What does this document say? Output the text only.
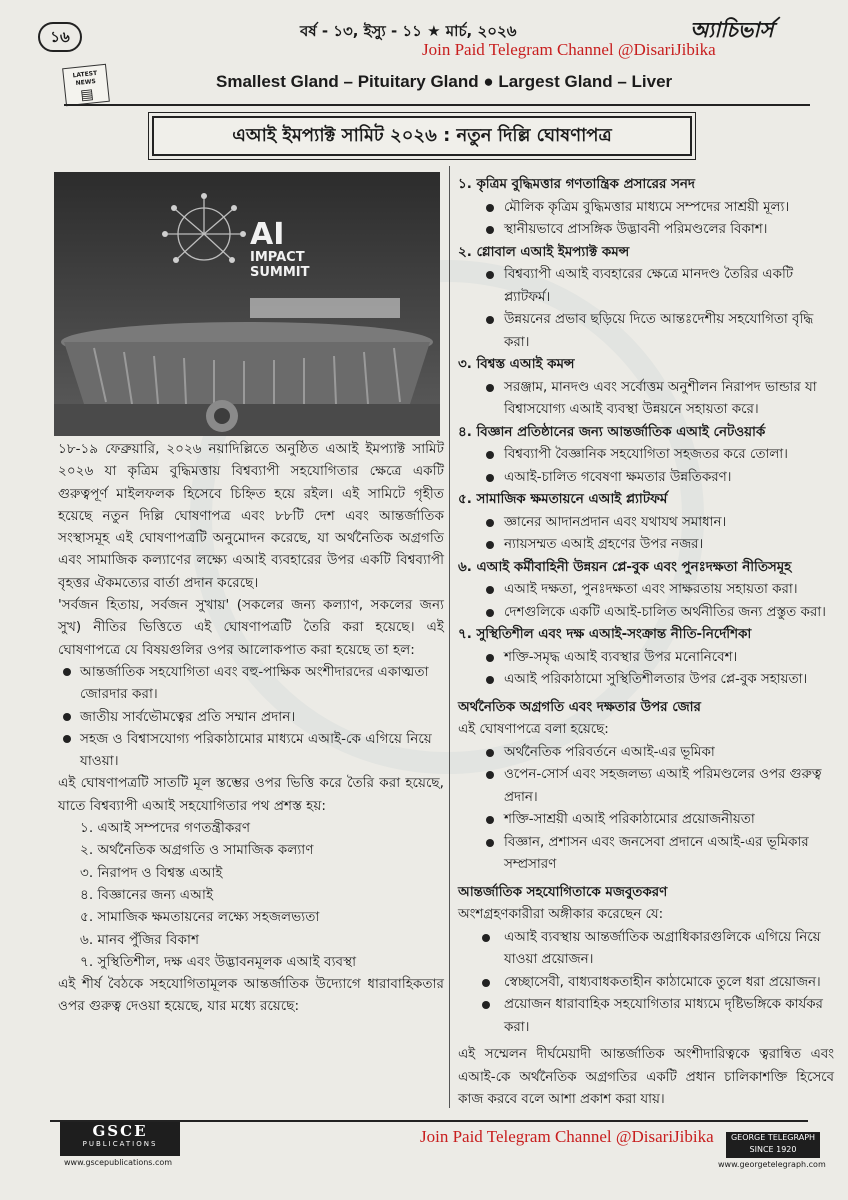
১৬	বর্ষ - ১৩, ইস্যু - ১১ ★ মার্চ, ২০২৬	অ্যাচিভার্স
Join Paid Telegram Channel @DisariJibika
LATEST NEWS
▤
Smallest Gland – Pituitary Gland ● Largest Gland – Liver
এআই ইমপ্যাক্ট সামিট ২০২৬ : নতুন দিল্লি ঘোষণাপত্র
AI
IMPACT
SUMMIT

১৮-১৯ ফেব্রুয়ারি, ২০২৬ নয়াদিল্লিতে অনুষ্ঠিত এআই ইমপ্যাক্ট সামিট ২০২৬ যা কৃত্রিম বুদ্ধিমত্তায় বিশ্বব্যাপী সহযোগিতার ক্ষেত্রে একটি গুরুত্বপূর্ণ মাইলফলক হিসেবে চিহ্নিত হয়ে রইল। এই সামিটে গৃহীত হয়েছে নতুন দিল্লি ঘোষণাপত্র এবং ৮৮টি দেশ এবং আন্তর্জাতিক সংস্থাসমূহ এই ঘোষণাপত্রটি অনুমোদন করেছে, যা অর্থনৈতিক অগ্রগতি এবং সামাজিক কল্যাণের লক্ষ্যে এআই ব্যবহারের উপর একটি বিশ্বব্যাপী বৃহত্তর ঐকমত্যের বার্তা প্রদান করেছে।

'সর্বজন হিতায়, সর্বজন সুখায়' (সকলের জন্য কল্যাণ, সকলের জন্য সুখ) নীতির ভিত্তিতে এই ঘোষণাপত্রটি তৈরি করা হয়েছে। এই ঘোষণাপত্রে যে বিষয়গুলির ওপর আলোকপাত করা হয়েছে তা হল:

আন্তর্জাতিক সহযোগিতা এবং বহু-পাক্ষিক অংশীদারদের একাত্মতা জোরদার করা।
জাতীয় সার্বভৌমত্বের প্রতি সম্মান প্রদান।
সহজ ও বিশ্বাসযোগ্য পরিকাঠামোর মাধ্যমে এআই-কে এগিয়ে নিয়ে যাওয়া।

এই ঘোষণাপত্রটি সাতটি মূল স্তম্ভের ওপর ভিত্তি করে তৈরি করা হয়েছে, যাতে বিশ্বব্যাপী এআই সহযোগিতার পথ প্রশস্ত হয়:

১. এআই সম্পদের গণতন্ত্রীকরণ
২. অর্থনৈতিক অগ্রগতি ও সামাজিক কল্যাণ
৩. নিরাপদ ও বিশ্বস্ত এআই
৪. বিজ্ঞানের জন্য এআই
৫. সামাজিক ক্ষমতায়নের লক্ষ্যে সহজলভ্যতা
৬. মানব পুঁজির বিকাশ
৭. সুস্থিতিশীল, দক্ষ এবং উদ্ভাবনমূলক এআই ব্যবস্থা

এই শীর্ষ বৈঠকে সহযোগিতামূলক আন্তর্জাতিক উদ্যোগে ধারাবাহিকতার ওপর গুরুত্ব দেওয়া হয়েছে, যার মধ্যে রয়েছে:

১. কৃত্রিম বুদ্ধিমত্তার গণতান্ত্রিক প্রসারের সনদ
মৌলিক কৃত্রিম বুদ্ধিমত্তার মাধ্যমে সম্পদের সাশ্রয়ী মূল্য।
স্থানীয়ভাবে প্রাসঙ্গিক উদ্ভাবনী পরিমণ্ডলের বিকাশ।
২. গ্লোবাল এআই ইমপ্যাক্ট কমন্স
বিশ্বব্যাপী এআই ব্যবহারের ক্ষেত্রে মানদণ্ড তৈরির একটি প্ল্যাটফর্ম।
উন্নয়নের প্রভাব ছড়িয়ে দিতে আন্তঃদেশীয় সহযোগিতা বৃদ্ধি করা।
৩. বিশ্বস্ত এআই কমন্স
সরঞ্জাম, মানদণ্ড এবং সর্বোত্তম অনুশীলন নিরাপদ ভান্ডার যা বিশ্বাসযোগ্য এআই ব্যবস্থা উন্নয়নে সহায়তা করে।
৪. বিজ্ঞান প্রতিষ্ঠানের জন্য আন্তর্জাতিক এআই নেটওয়ার্ক
বিশ্বব্যাপী বৈজ্ঞানিক সহযোগিতা সহজতর করে তোলা।
এআই-চালিত গবেষণা ক্ষমতার উন্নতিকরণ।
৫. সামাজিক ক্ষমতায়নে এআই প্ল্যাটফর্ম
জ্ঞানের আদানপ্রদান এবং যথাযথ সমাধান।
ন্যায়সম্মত এআই গ্রহণের উপর নজর।
৬. এআই কর্মীবাহিনী উন্নয়ন প্লে-বুক এবং পুনঃদক্ষতা নীতিসমূহ
এআই দক্ষতা, পুনঃদক্ষতা এবং সাক্ষরতায় সহায়তা করা।
দেশগুলিকে একটি এআই-চালিত অর্থনীতির জন্য প্রস্তুত করা।
৭. সুস্থিতিশীল এবং দক্ষ এআই-সংক্রান্ত নীতি-নির্দেশিকা
শক্তি-সমৃদ্ধ এআই ব্যবস্থার উপর মনোনিবেশ।
এআই পরিকাঠামো সুস্থিতিশীলতার উপর প্লে-বুক সহায়তা।
অর্থনৈতিক অগ্রগতি এবং দক্ষতার উপর জোর
এই ঘোষণাপত্রে বলা হয়েছে:
অর্থনৈতিক পরিবর্তনে এআই-এর ভূমিকা
ওপেন-সোর্স এবং সহজলভ্য এআই পরিমণ্ডলের ওপর গুরুত্ব প্রদান।
শক্তি-সাশ্রয়ী এআই পরিকাঠামোর প্রয়োজনীয়তা
বিজ্ঞান, প্রশাসন এবং জনসেবা প্রদানে এআই-এর ভূমিকার সম্প্রসারণ
আন্তর্জাতিক সহযোগিতাকে মজবুতকরণ
অংশগ্রহণকারীরা অঙ্গীকার করেছেন যে:
এআই ব্যবস্থায় আন্তর্জাতিক অগ্রাধিকারগুলিকে এগিয়ে নিয়ে যাওয়া প্রয়োজন।
স্বেচ্ছাসেবী, বাধ্যবাধকতাহীন কাঠামোকে তুলে ধরা প্রয়োজন।
প্রয়োজন ধারাবাহিক সহযোগিতার মাধ্যমে দৃষ্টিভঙ্গিকে কার্যকর করা।

এই সম্মেলন দীর্ঘমেয়াদী আন্তর্জাতিক অংশীদারিত্বকে ত্বরান্বিত এবং এআই-কে অর্থনৈতিক অগ্রগতির একটি প্রধান চালিকাশক্তি হিসেবে কাজ করবে বলে আশা প্রকাশ করা যায়।

GSCE
PUBLICATIONS
www.gscepublications.com
Join Paid Telegram Channel @DisariJibika	GEORGE TELEGRAPH
SINCE 1920
www.georgetelegraph.com
